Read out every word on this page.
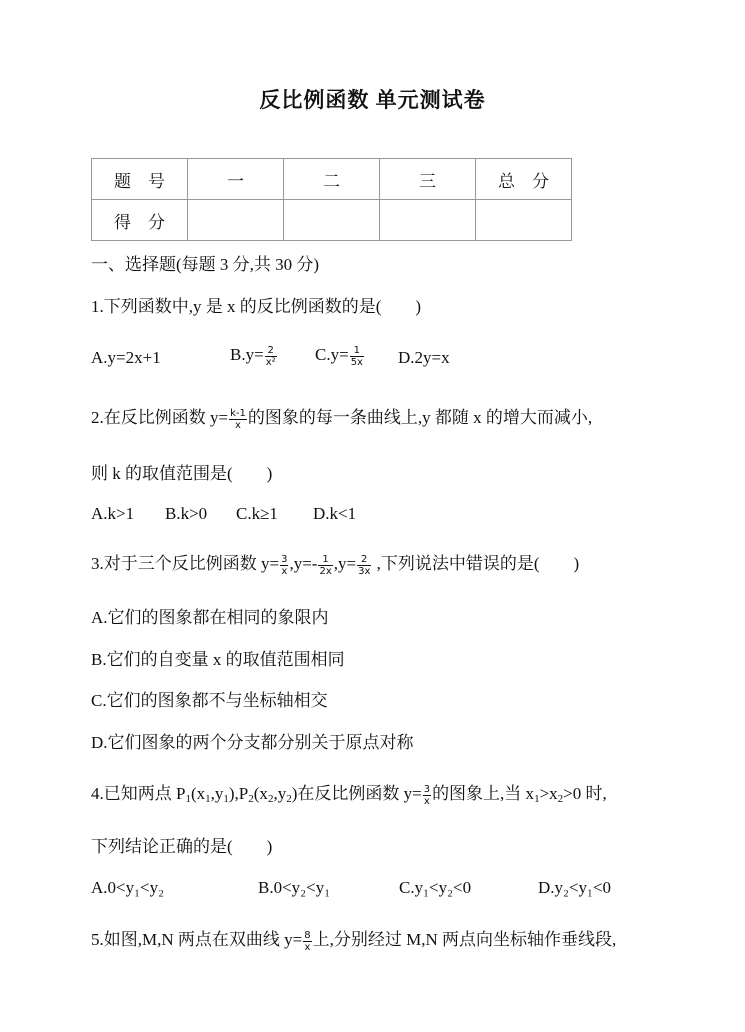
反比例函数 单元测试卷
题　号	一	二	三	总　分
得　分				
一、选择题(每题 3 分,共 30 分)
1.下列函数中,y 是 x 的反比例函数的是(　　)
A.y=2x+1	$B.y= \frac{2}{\text{x²}} C.y= \frac{1}{5x} D.2y=x$
2.在反比例函数 $y= \frac{k-1}{x}$ 的图象的每一条曲线上,y 都随 x 的增大而减小,
则 k 的取值范围是(　　)
A.k>1 B.k>0 C.k≥1 D.k<1
3.对于三个反比例函数 $y= \frac{3}{x} ,y=- \frac{1}{2x} ,y= \frac{2}{3x}$ ,下列说法中错误的是(　　)
A.它们的图象都在相同的象限内
B.它们的自变量 x 的取值范围相同
C.它们的图象都不与坐标轴相交
D.它们图象的两个分支都分别关于原点对称
4.已知两点 $P_1(x_1,y_1),P_2(x_2,y_2)$在反比例函数 $y= \frac{3}{x}$ 的图象上,当 $x_1>x_2>0$ 时,
下列结论正确的是(　　)
A.0<y₁<y₂	B.0<y₂<y₁	C.y₁<y₂<0	D.y₂<y₁<0
5.如图,M,N 两点在双曲线 $y= \frac{8}{x}$ 上,分别经过 M,N 两点向坐标轴作垂线段,
